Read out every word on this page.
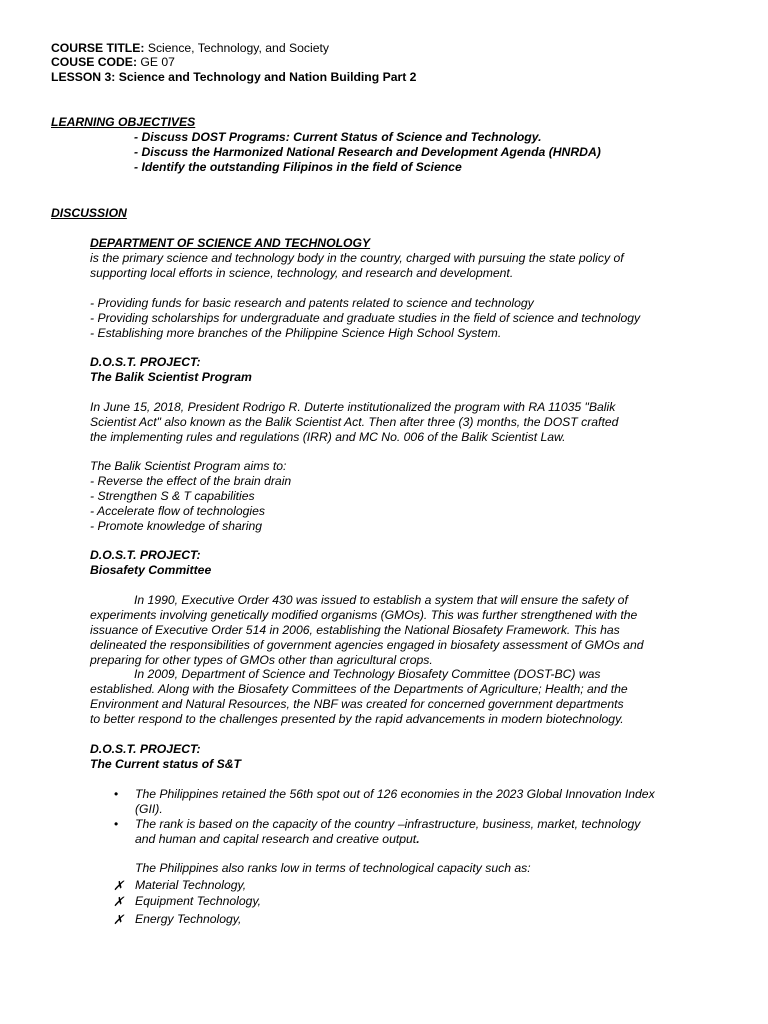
COURSE TITLE: Science, Technology, and Society
COUSE CODE: GE 07
LESSON 3: Science and Technology and Nation Building Part 2
LEARNING OBJECTIVES
- Discuss DOST Programs: Current Status of Science and Technology.
- Discuss the Harmonized National Research and Development Agenda (HNRDA)
- Identify the outstanding Filipinos in the field of Science
DISCUSSION
DEPARTMENT OF SCIENCE AND TECHNOLOGY
is the primary science and technology body in the country, charged with pursuing the state policy of
supporting local efforts in science, technology, and research and development.
- Providing funds for basic research and patents related to science and technology
- Providing scholarships for undergraduate and graduate studies in the field of science and technology
- Establishing more branches of the Philippine Science High School System.
D.O.S.T. PROJECT:
The Balik Scientist Program
In June 15, 2018, President Rodrigo R. Duterte institutionalized the program with RA 11035 "Balik
Scientist Act" also known as the Balik Scientist Act. Then after three (3) months, the DOST crafted
the implementing rules and regulations (IRR) and MC No. 006 of the Balik Scientist Law.
The Balik Scientist Program aims to:
- Reverse the effect of the brain drain
- Strengthen S & T capabilities
- Accelerate flow of technologies
- Promote knowledge of sharing
D.O.S.T. PROJECT:
Biosafety Committee
In 1990, Executive Order 430 was issued to establish a system that will ensure the safety of
experiments involving genetically modified organisms (GMOs). This was further strengthened with the
issuance of Executive Order 514 in 2006, establishing the National Biosafety Framework. This has
delineated the responsibilities of government agencies engaged in biosafety assessment of GMOs and
preparing for other types of GMOs other than agricultural crops.
In 2009, Department of Science and Technology Biosafety Committee (DOST-BC) was
established. Along with the Biosafety Committees of the Departments of Agriculture; Health; and the
Environment and Natural Resources, the NBF was created for concerned government departments
to better respond to the challenges presented by the rapid advancements in modern biotechnology.
D.O.S.T. PROJECT:
The Current status of S&T
• The Philippines retained the 56th spot out of 126 economies in the 2023 Global Innovation Index
(GII).
• The rank is based on the capacity of the country –infrastructure, business, market, technology
and human and capital research and creative output.
The Philippines also ranks low in terms of technological capacity such as:
✗ Material Technology,
✗ Equipment Technology,
✗ Energy Technology,
